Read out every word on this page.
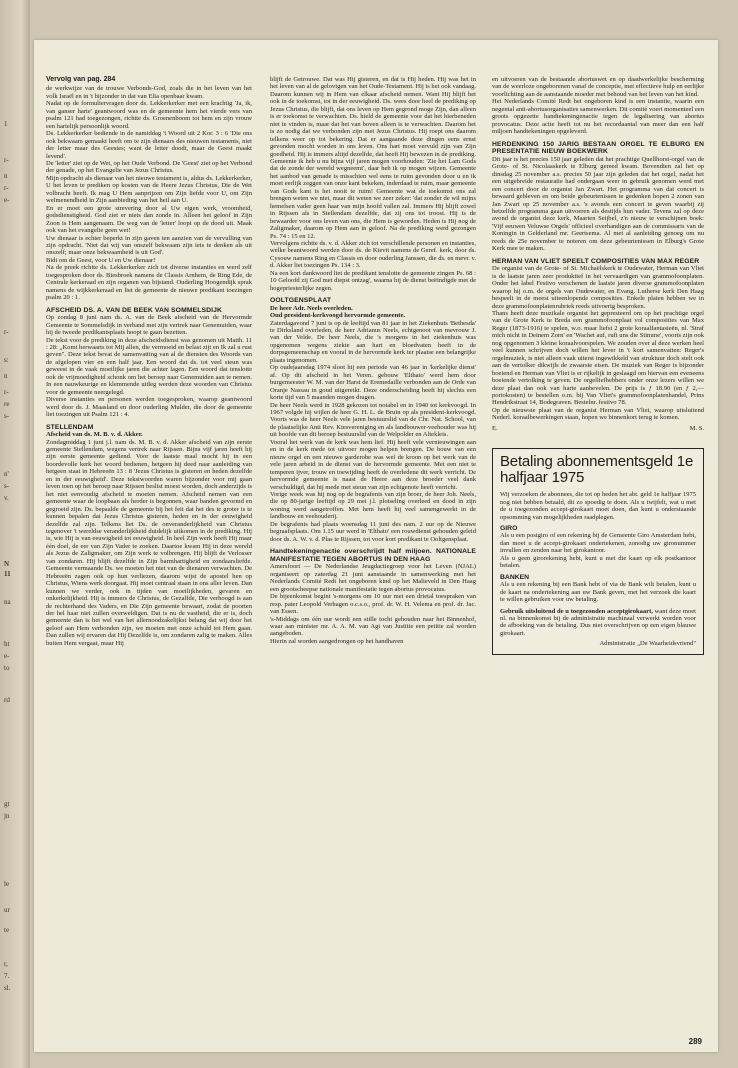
1
r-
n
r-
e-
r-
s:
n
r-
re
s-
n'
s-
v.
N
11
na
ht
e-
to
rd
gt
jn
le
ur
te
r,
7.
sl.
Vervolg van pag. 284

de werkwijze van de trouwe Verbonds-God, zoals die in het leven van het volk Israël en in 't bijzonder in dat van Elia openbaar kwam.

Nadat op de formuliervragen door ds. Lekkerkerker met een krachtig 'Ja, ik, van ganser harte' geantwoord was en de gemeente hem het vierde vers van psalm 121 had toegezongen, richtte ds. Groenenboom tot hem en zijn vrouw een hartelijk persoonlijk woord.

Ds. Lekkerkerker bediende in de namiddag 't Woord uit 2 Kor. 3 : 6 'Die ons ook bekwaam gemaakt heeft om te zijn dienaars des nieuwen testaments, niet der letter maar des Geestes; want de letter doodt, maar de Geest maakt levend'.

De 'letter' ziet op de Wet, op het Oude Verbond. De 'Geest' ziet op het Verbond der genade, op het Evangelie van Jezus Christus.

Mijn opdracht als dienaar van het nieuwe testament is, aldus ds. Lekkerkerker, U het leven te prediken op kosten van de Heere Jezus Christus, Die de Wet volbracht heeft. Ik mag U Hem aanprijzen om Zijn liefde voor U, om Zijn welmenendheid in Zijn aanbieding van het heil aan U.

En er moet een grote strevering door al Uw eigen werk, vroomheid, godsdienstigheid. God ziet er niets dan zonde in. Alleen het geloof in Zijn Zoon is Hem aangenaam. De weg van de 'letter' loopt op de dood uit. Maak ook van het evangelie geen wet!

Uw dienaar is echter beperkt in zijn gaven ten aanzien van de vervulling van zijn opdracht. 'Niet dat wij van onszelf bekwaam zijn iets te denken als uit onszelf; maar onze bekwaamheid is uit God'.

Bidt om de Geest, voor U en Uw dienaar!

Na de preek richtte ds. Lekkerkerker zich tot diverse instanties en werd zelf toegesproken door ds. Biesbroek namens de Classis Arnhem, de Ring Ede, de Centrale kerkeraad en zijn organen van bijstand. Ouderling Hoogendijk sprak namens de wijkkerkeraad en liet de gemeente de nieuwe predikant toezingen psalm 20 : 1.

AFSCHEID DS. A. VAN DE BEEK VAN SOMMELSDIJK

Op zondag 8 juni nam ds. A. van de Beek afscheid van de Hervormde Gemeente te Sommelsdijk in verband met zijn vertrek naar Genemuiden, waar hij de tweede predikantsplaats hoopt te gaan bezetten.

De tekst voor de prediking in deze afscheidsdienst was genomen uit Matth. 11 : 28: „Komt herwaarts tot Mij allen, die vermoeid en belast zijt en Ik zal u rust geven". Deze tekst bevat de samenvatting van al de diensten des Woords van de afgelopen vier en een half jaar. Een woord dat ds. tot veel steun was geweest in de vaak moeilijke jaren die achter lagen. Een woord dat tenslotte ook de vrijmoedigheid schonk om het beroep naar Genemuiden aan te nemen. In een nauwkeurige en klemmende uitleg werden deze woorden van Christus voor de gemeente neergelegd.

Diverse instanties en personen werden toegesproken, waarop geantwoord werd door ds. J. Maasland en door ouderling Mulder, die door de gemeente liet toezingen uit Psalm 121 : 4.

STELLENDAM
Afscheid van ds. M. B. v. d. Akker.

Zondagmiddag 1 juni j.l. nam ds. M. B. v. d. Akker afscheid van zijn eerste gemeente Stellendam, wegens vertrek naar Rijssen. Bijna vijf jaren heeft hij zijn eerste gemeente gediend. Voor de laatste maal mocht hij in een boordevolle kerk het woord bedienen, hetgeen hij deed naar aanleiding van hetgeen staat in Hebreeën 13 : 8 'Jezus Christus is gisteren en heden dezelfde en in der eeuwigheid'. Deze tekstwoorden waren bijzonder voor mij gaan leven toen op het beroep naar Rijssen beslist moest worden, doch anderzijds is het niet eenvoudig afscheid te moeten nemen. Afscheid nemen van een gemeente waar de loopbaan als herder is begonnen, waar banden gevormd en gegroeid zijn. Ds. bepaalde de gemeente bij het feit dat het des te groter is te kunnen bepalen dat Jezus Christus gisteren, heden en in der eeuwigheid dezelfde zal zijn. Telkens liet Ds. de onveranderlijkheid van Christus tegenover 't wereldse veranderlijkheid duidelijk uitkomen in de prediking. Hij is, wie Hij is van eeuwigheid tot eeuwigheid. In heel Zijn werk heeft Hij maar één doel, de eer van Zijn Vader te zoeken. Daartoe kwam Hij in deze wereld als Jezus de Zaligmaker, om Zijn werk te volbrengen. Hij blijft de Verlosser van zondaren. Hij blijft dezelfde in Zijn barmhartigheid en zondaarsliefde. Gemeente vermaande Ds. we moeten het niet van de dienaren verwachten. De Hebreeën zagen ook op hun verliezen, daarom wijst de apostel hen op Christus, Wiens werk doorgaat. Hij moet centraal staan in ons aller leven. Dan kunnen we verder, ook in tijden van moeilijkheden, gevaren en onkerkelijkheid. Hij is immers de Christus, de Gezalfde, Die verhoogd is aan de rechterhand des Vaders, en Die Zijn gemeente bewaart, zodat de poorten der hel haar niet zullen overweldigen. Dat is nu de vastheid, die er is, doch gemeente dan is het wel van het allernoodzakelijkst belang dat wij door het geloof aan Hem verbonden zijn, we moeten met onze schuld tot Hem gaan. Dan zullen wij ervaren dat Hij Dezelfde is, om zondaren zalig te maken. Alles buiten Hem vergaat, maar Hij

blijft de Getrouwe. Dat was Hij gisteren, en dat is Hij heden. Hij was het in het leven van al de gelovigen van het Oude-Testament. Hij is het ook vandaag. Daarom kunnen wij in Hem van elkaar afscheid nemen. Want Hij blijft het ook in de toekomst, tot in der eeuwigheid. Ds. wees door heel de prediking op Jezus Christus, die blijft, dat ons leven op Hem gegrond moge Zijn, dan alleen is er toekomst te verwachten. Ds. hield de gemeente voor dat het hierbeneden niet te vinden is, maar dat het van boven alleen is te verwachten. Daarom het is zo nodig dat we verbonden zijn met Jezus Christus. Hij roept ons daarom telkens weer op tot bekering. Dat er aangaande deze dingen eens ernst gevonden mocht worden in ons leven. Ons hart moet vervuld zijn van Zijn goedheid. Hij is immers altijd dezelfde, dat heeft Hij bewezen in de prediking. Gemeente ik heb u nu bijna vijf jaren mogen voorhouden: 'Zie het Lam Gods dat de zonde der wereld wegneemt', daar heb ik op mogen wijzen. Gemeente het aanbod van genade is misschien wel eens te ruim gevonden door u en ik moet eerlijk zeggen van onze kant bekeken, inderdaad te ruim, maar gemeente van Gods kant is het nooit te ruim! Gemeente wat de toekomst ons zal brengen weten we niet, maar dit weten we zeer zeker: 'dat zonder de wil mijns hemelsen vader geen haar van mijn hoofd vallen zal. Immers Hij blijft zowel in Rijssen als in Stellendam dezelfde, dat zij ons tot troost. Hij is de bewaarder voor ons leven van ons, die Hem is geworden. Heden is Hij nog de Zaligmaker, daarom op Hem aan in geloof. Na de prediking werd gezongen Ps. 74 : 15 en 12.

Vervolgens richtte ds. v. d. Akker zich tot verschillende personen en instanties, welke beantwoord werden door ds. de Kievit namens de Geref. kerk, door ds. Cysouw namens Ring en Classis en door ouderling Janssen, die ds. en mevr. v. d. Akker liet toezingen Ps. 134 : 3.

Na een kort dankwoord liet de predikant tenslotte de gemeente zingen Ps. 68 : 10 Geloofd zij God met diepst ontzag', waarna hij de dienst beëindigde met de hogepriesterlijke zegen.

OOLTGENSPLAAT
De heer Adr. Neels overleden.
Oud president-kerkvoogd hervormde gemeente.

Zaterdagavond 7 juni is op de leeftijd van 81 jaar in het Ziekenhuis 'Bethesda' te Dirksland overleden, de heer Adrianus Neels, echtgenoot van mevrouw J. van der Velde. De heer Neels, die 's morgens in het ziekenhuis was opgenomen wegens ziekte aan hart en bloedvaten heeft in de dorpsgemeenschap en vooral in de hervormde kerk ter plaatse een belangrijke plaats ingenomen.

Op oudejaarsdag 1974 sloot hij een periode van 46 jaar in 'kerkelijke dienst' af. Op dit afscheid in het Veren. gebouw 'Elthato' werd hem door burgemeester W. M. van der Harst de Eremedaille verbonden aan de Orde van Oranje Nassau in goud uitgereikt. Deze onderscheiding heeft hij slechts een korte tijd van 5 maanden mogen dragen.

De heer Neels werd in 1928 gekozen tot notabel en in 1940 tot kerkvoogd. In 1967 volgde hij wijlen de heer G. H. L. de Bruin op als president-kerkvoogd. Voorts was de heer Neels vele jaren bestuurslid van de Chr. Nat. School, van de plaatselijke Anti Rev. Kiesvereniging en als landbouwer-veehouder was hij uit hoofde van dit beroep bestuurslid van de Welpolder en Altekleis.

Vooral het werk van de kerk was hem lief. Hij heeft vele vernieuwingen aan en in de kerk mede tot uitvoer mogen helpen brengen. De bouw van een nieuw orgel en een nieuwe garderobe was wel de kroon op het werk van de vele jaren arbeid in de dienst van de hervormde gemeente. Met een niet te temperen ijver, trouw en toewijding heeft de overledene dit werk verricht. De hervormde gemeente is naast de Heere aan deze broeder veel dank verschuldigd, dat hij mede met steun van zijn echtgenote heeft verricht.

Vorige week was hij nog op de begrafenis van zijn broer, de heer Joh. Neels, die op 80-jarige leeftijd op 29 mei j.l. plotseling overleed en dood in zijn woning werd aangetroffen. Met hem heeft hij veel samengewerkt in de landbouw en veehouderij.

De begrafenis had plaats woensdag 11 juni des nam. 2 uur op de Nieuwe begraafsplaats. Om 1.15 uur werd in 'Elthato' een rouwdienst gehouden geleid door ds. A. W. v. d. Plas te Rijssen, tot voor kort predikant te Ooltgensplaat.

Handtekeningenactie overschrijdt half miljoen. NATIONALE MANIFESTATIE TEGEN ABORTUS IN DEN HAAG

Amersfoort — De Nederlandse Jeugdactiegroep voor het Leven (NJAL) organiseert op zaterdag 21 juni aanstaande in samenwerking met het Nederlands Comité Redt het ongeboren kind op het Malieveld in Den Haag een grootscheepse nationale manifestatie tegen abortus provocatus.

De bijeenkomst begint 's-morgens om 10 uur met een drietal toespraken van resp. pater Leopold Verhagen o.c.s.o., prof. dr. W. H. Velema en prof. dr. Jac. van Essen.

's-Middags om één uur wordt een stille tocht gehouden naar het Binnenhof, waar aan minister mr. A. A. M. van Agt van Justitie een petitie zal worden aangeboden.

Hierin zal worden aangedrongen op het handhaven

en uitvoeren van de bestaande abortuswet en op daadwerkelijke bescherming van de weerloze ongeborenen vanaf de conceptie, met effectieve hulp en eerlijke voorlichting aan de aanstaande moeder met behoud van het leven van het kind.

Het Nederlands Comité Redt het ongeboren kind is een instantie, waarin een negental anti-abortusorganisaties samenwerken. Dit comité voert momenteel een groots opgezette handtekeningenactie tegen de legalisering van abortus provocatus. Deze actie heeft tot nu het recordaantal van meer dan een half miljoen handtekeningen opgeleverd.

HERDENKING 150 JARIG BESTAAN ORGEL TE ELBURG EN PRESENTATIE NIEUW BOEKWERK

Dit jaar is het precies 150 jaar geleden dat het prachtige Quellhorst-orgel van de Grote- of St. Nicolaaskerk te Elburg gereed kwam. Bovendien zal het op dinsdag 25 november a.s. precies 50 jaar zijn geleden dat het orgel, nadat het een uitgebreide restauratie had ondergaan weer in gebruik genomen werd met een concert door de organist Jan Zwart. Het programma van dat concert is bewaard gebleven en om beide gebeurtenissen te gedenken hopen 2 zonen van Jan Zwart op 25 november a.s. 's avonds een concert te geven waarbij zij hetzelfde programma gaan uitvoeren als destijds hun vader. Tevens zal op deze avond de organist deze kerk, Maarten Seijbel, z'n nieuw te verschijnen boek: 'Vijf eeuwen Veluwse Orgels' officieel overhandigen aan de commissaris van de Koningin in Gelderland mr. Geertsema. Al met al aanleiding genoeg om nu reeds de 25e november te noteren om deze gebeurtenissen in Elburg's Grote Kerk mee te maken.

HERMAN VAN VLIET SPEELT COMPOSITIES VAN MAX REGER

De organist van de Grote- of St. Michaëlskerk te Oudewater, Herman van Vliet is de laatste jaren zeer produktief in het vervaardigen van grammofoonplaten. Onder het label Festivo verschenen de laatste jaren diverse grammofoonplaten waarop hij o.m. de orgels van Oudewater, en Evang. Lutherse kerk Den Haag bespeelt in de meest uiteenlopende composities. Enkele platen hebben we in deze grammofoonplatenrubriek reeds uitvoerig besproken.

Thans heeft deze muzikale organist het gepresteerd om op het prachtige orgel van de Grote Kerk te Breda een grammofoonplaat vol composities van Max Reger (1873-1916) te spelen, w.o. maar liefst 2 grote koraalfantasieën, nl. 'Straf mich nicht in Deinem Zorn' en 'Wachet auf, ruft uns die Stimme', voorts zijn ook nog opgenomen 3 kleine koraalvoorspelen. We zouden over al deze werken heel veel kunnen schrijven doch willen het lever in 't kort samenvatten: Reger's orgelmuziek, is niet alleen vaak uiterst ingewikkeld van struktuur doch stelt ook aan de vertolker dikwijls de zwaarste eisen. De muziek van Reger is bijzonder boeiend en Herman van Vliet is er rijkelijk in geslaagd om hiervan een eveneens boeiende vertolking te geven. De orgelliefhebbers onder onze lezers willen we deze plaat dan ook van harte aanbevelen. De prijs is ƒ 18.90 (en ƒ 2,— portokosten) te bestellen o.m. bij Van Vliet's grammofoonplatenhandel, Prins Hendrikstraat 14, Bodegraven. Bestelnr. festivo 78.

Op de nieuwste plaat van de organist Herman van Vliet, waarop uitsluitend Nederl. koraalbewerkingen staan, hopen we binnenkort terug te komen.

E.	M. S.
Betaling abonnementsgeld 1e halfjaar 1975

Wij verzoeken de abonnees, die tot op heden het abt. geld 1e halfjaar 1975 nog niet hebben betaald, dit zo spoedig te doen. Als u twijfelt, wat u met de u toegezonden accept-girokaart moet doen, dan kunt u onderstaande opsomming van mogelijkheden raadplegen.

GIRO

Als u een postgiro of een rekening bij de Gemeente Giro Amsterdam hebt, dan moet u de accept-girokaart ondertekenen, zonodig uw gironummer invullen en zenden naar het girokantoor.

Als u geen girorekening hebt, kunt u met die kaart op elk postkantoor betalen.

BANKEN

Als u een rekening bij een Bank hebt of via de Bank wilt betalen, kunt u de kaart na ondertekening aan uw Bank geven, met het verzoek die kaart te willen gebruiken voor uw betaling.

Gebruik uitsluitend de u toegezonden acceptgirokaart, want deze moet nl. na binnenkomst bij de administratie machinaal verwerkt worden voor de afboeking van de betaling. Dus niet overschrijven op een eigen blauwe girokaart.

Administratie „De Waarheidsvriend"
289
